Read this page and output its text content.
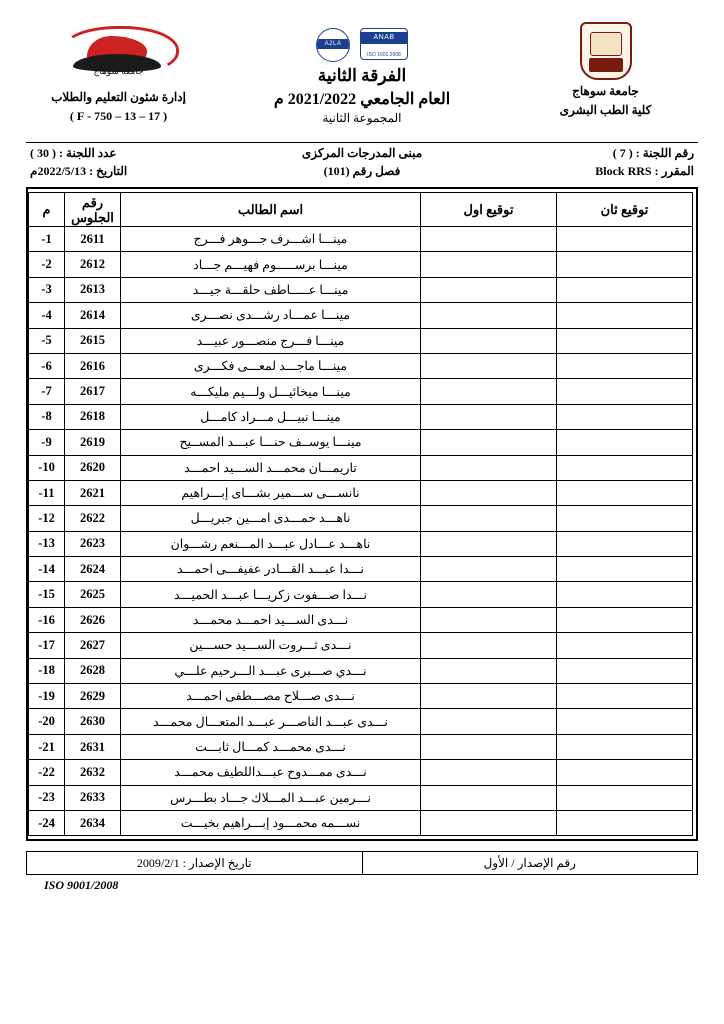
جامعة سوهاج
كلية الطب البشرى
ANAB
ISO 1601:2008
A2LA
الفرقة الثانية
العام الجامعي 2021/2022 م
المجموعة الثانية
جامعة سوهاج
إدارة شئون التعليم والطلاب
( 17 – 13 – 750 - F )
رقم اللجنة : ( 7 )
مبنى المدرجات المركزى
عدد اللجنة : ( 30 )
المقرر : Block RRS
فصل رقم (101)
التاريخ : 2022/5/13م
توقيع ثان	توقيع اول	اسم الطالب	رقم الجلوس	م
		مينـــا اشـــرف جـــوهر فـــرج	2611	1-
		مينـــا برســـــوم فهيـــم جـــاد	2612	2-
		مينـــا عـــــاطف حلقـــة جيـــد	2613	3-
		مينـــا عمـــاد رشـــدى نصـــرى	2614	4-
		مينـــا فـــرج منصـــور عبيـــد	2615	5-
		مينـــا ماجـــد لمعـــى فكـــرى	2616	6-
		مينـــا ميخائيـــل ولـــيم مليكـــه	2617	7-
		مينـــا نبيـــل مـــراد كامـــل	2618	8-
		مينـــا يوســف حنـــا عبـــد المســيح	2619	9-
		تاريمـــان محمـــد الســـيد احمـــد	2620	10-
		نانســـى ســـمير بشـــاى إبـــراهيم	2621	11-
		ناهـــد حمـــدى امـــين جبريـــل	2622	12-
		ناهـــد عـــادل عبـــد المـــنعم رشـــوان	2623	13-
		نـــدا عبـــد القـــادر عفيفـــى احمـــد	2624	14-
		نـــدا صـــفوت زكريـــا عبـــد الحميـــد	2625	15-
		نـــدى الســـيد احمـــد محمـــد	2626	16-
		نـــدى ثـــروت الســـيد حســـين	2627	17-
		نـــدي صـــبرى عبـــد الـــرحيم علـــي	2628	18-
		نـــدى صـــلاح مصـــطفى احمـــد	2629	19-
		نـــدى عبـــد الناصـــر عبـــد المتعـــال محمـــد	2630	20-
		نـــدى محمـــد كمـــال ثابـــت	2631	21-
		نـــدى ممـــدوح عبـــداللطيف محمـــد	2632	22-
		نـــرمين عبـــد المـــلاك جـــاد بطـــرس	2633	23-
		نســـمه محمـــود إبـــراهيم بخيـــت	2634	24-
رقم الإصدار / الأول	تاريخ الإصدار : 2009/2/1
ISO 9001/2008
